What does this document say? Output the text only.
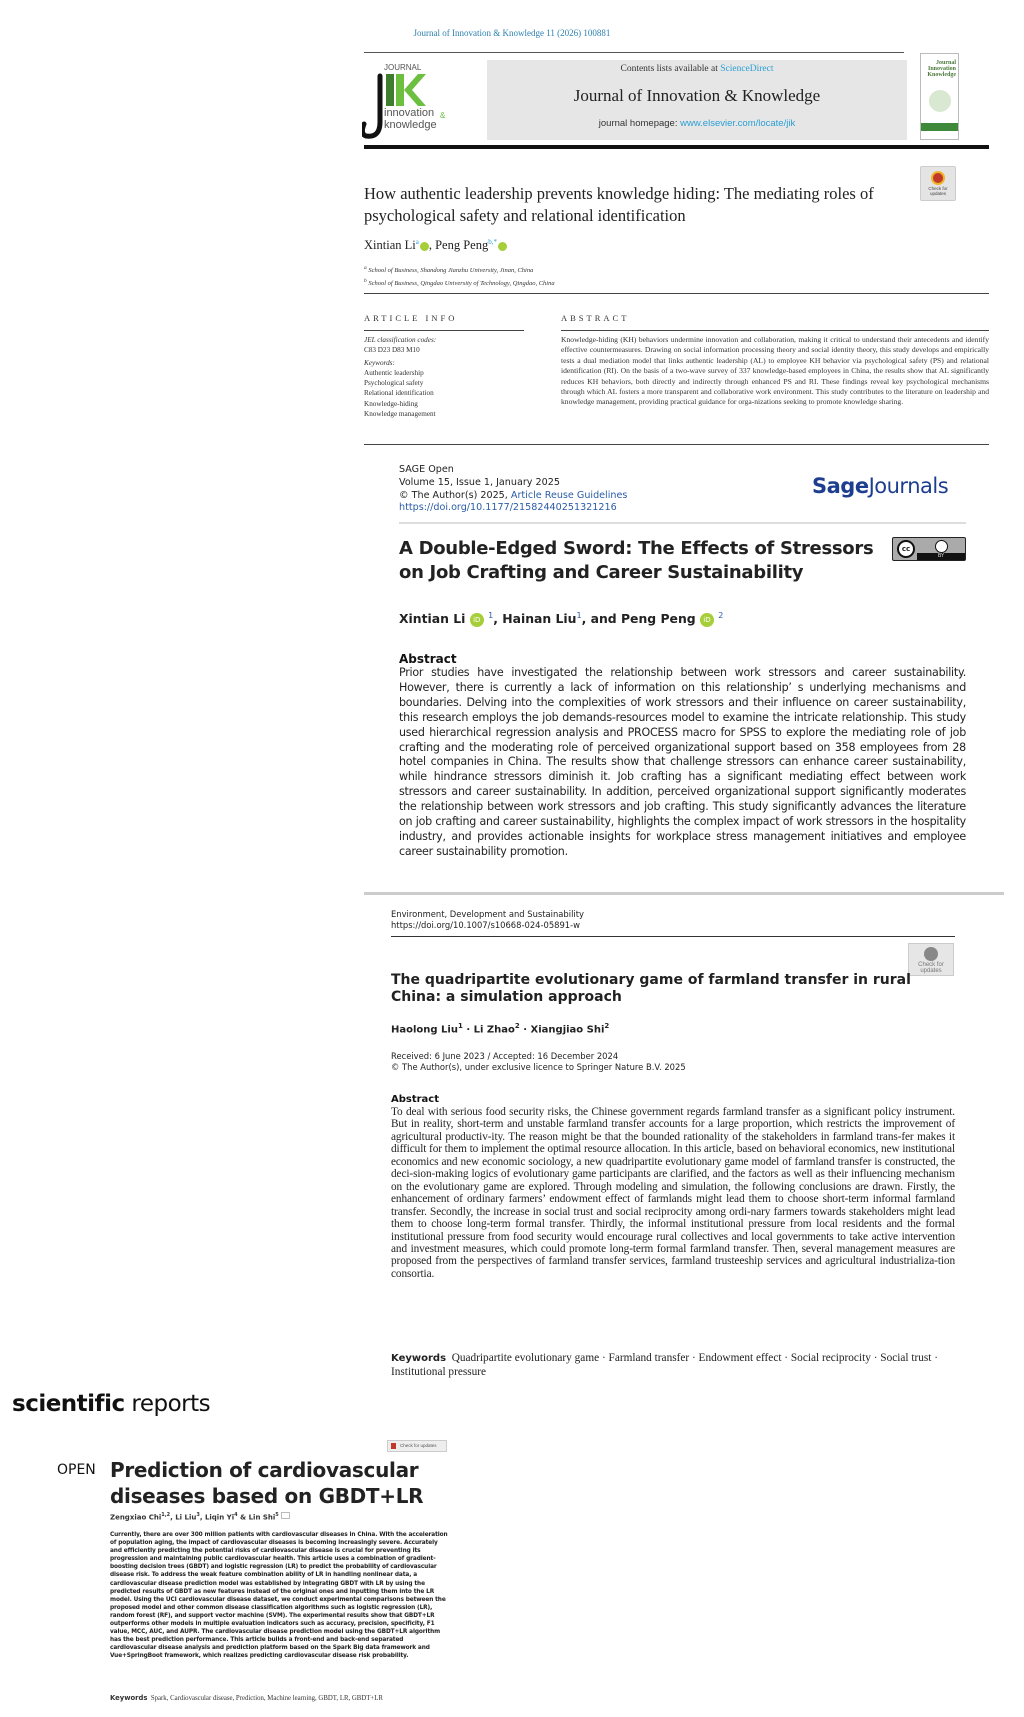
Journal of Innovation & Knowledge 11 (2026) 100881
JOURNAL
innovation &
knowledge
Contents lists available at ScienceDirect
Journal of Innovation & Knowledge
journal homepage: www.elsevier.com/locate/jik
Journal Innovation Knowledge
Check for updates
How authentic leadership prevents knowledge hiding: The mediating roles of psychological safety and relational identification
Xintian Li$^a$ , Peng Peng$^{b,*}$
$^a$ School of Business, Shandong Jianzhu University, Jinan, China
$^b$ School of Business, Qingdao University of Technology, Qingdao, China
ARTICLE INFO
JEL classification codes:
C83 D23 D83 M10
Keywords:
Authentic leadership
Psychological safety
Relational identification
Knowledge-hiding
Knowledge management
ABSTRACT
Knowledge-hiding (KH) behaviors undermine innovation and collaboration, making it critical to understand their antecedents and identify effective countermeasures. Drawing on social information processing theory and social identity theory, this study develops and empirically tests a dual mediation model that links authentic leadership (AL) to employee KH behavior via psychological safety (PS) and relational identification (RI). On the basis of a two-wave survey of 337 knowledge-based employees in China, the results show that AL significantly reduces KH behaviors, both directly and indirectly through enhanced PS and RI. These findings reveal key psychological mechanisms through which AL fosters a more transparent and collaborative work environment. This study contributes to the literature on leadership and knowledge management, providing practical guidance for orga-nizations seeking to promote knowledge sharing.
SAGE Open
Volume 15, Issue 1, January 2025
© The Author(s) 2025, Article Reuse Guidelines
https://doi.org/10.1177/21582440251321216
SageJournals
A Double-Edged Sword: The Effects of Stressors on Job Crafting and Career Sustainability
cc
BY
Xintian Li iD $^1$, Hainan Liu$^1$, and Peng Peng iD $^2$
Abstract
Prior studies have investigated the relationship between work stressors and career sustainability. However, there is currently a lack of information on this relationship’ s underlying mechanisms and boundaries. Delving into the complexities of work stressors and their influence on career sustainability, this research employs the job demands-resources model to examine the intricate relationship. This study used hierarchical regression analysis and PROCESS macro for SPSS to explore the mediating role of job crafting and the moderating role of perceived organizational support based on 358 employees from 28 hotel companies in China. The results show that challenge stressors can enhance career sustainability, while hindrance stressors diminish it. Job crafting has a significant mediating effect between work stressors and career sustainability. In addition, perceived organizational support significantly moderates the relationship between work stressors and job crafting. This study significantly advances the literature on job crafting and career sustainability, highlights the complex impact of work stressors in the hospitality industry, and provides actionable insights for workplace stress management initiatives and employee career sustainability promotion.
Environment, Development and Sustainability
https://doi.org/10.1007/s10668-024-05891-w
Check for
updates
The quadripartite evolutionary game of farmland transfer in rural China: a simulation approach
Haolong Liu$^1$ · Li Zhao$^2$ · Xiangjiao Shi$^2$
Received: 6 June 2023 / Accepted: 16 December 2024
© The Author(s), under exclusive licence to Springer Nature B.V. 2025
Abstract
To deal with serious food security risks, the Chinese government regards farmland transfer as a significant policy instrument. But in reality, short-term and unstable farmland transfer accounts for a large proportion, which restricts the improvement of agricultural productiv-ity. The reason might be that the bounded rationality of the stakeholders in farmland trans-fer makes it difficult for them to implement the optimal resource allocation. In this article, based on behavioral economics, new institutional economics and new economic sociology, a new quadripartite evolutionary game model of farmland transfer is constructed, the deci-sion-making logics of evolutionary game participants are clarified, and the factors as well as their influencing mechanism on the evolutionary game are explored. Through modeling and simulation, the following conclusions are drawn. Firstly, the enhancement of ordinary farmers’ endowment effect of farmlands might lead them to choose short-term informal farmland transfer. Secondly, the increase in social trust and social reciprocity among ordi-nary farmers towards stakeholders might lead them to choose long-term formal transfer. Thirdly, the informal institutional pressure from local residents and the formal institutional pressure from food security would encourage rural collectives and local governments to take active intervention and investment measures, which could promote long-term formal farmland transfer. Then, several management measures are proposed from the perspectives of farmland transfer services, farmland trusteeship services and agricultural industrializa-tion consortia.
Keywords Quadripartite evolutionary game · Farmland transfer · Endowment effect · Social reciprocity · Social trust · Institutional pressure
scientific reports
Check for updates
OPEN Prediction of cardiovascular diseases based on GBDT+LR
Zengxiao Chi$^{1,2}$, Li Liu$^3$, Liqin Yi$^4$ & Lin Shi$^5$
Currently, there are over 300 million patients with cardiovascular diseases in China. With the acceleration of population aging, the impact of cardiovascular diseases is becoming increasingly severe. Accurately and efficiently predicting the potential risks of cardiovascular disease is crucial for preventing its progression and maintaining public cardiovascular health. This article uses a combination of gradient-boosting decision trees (GBDT) and logistic regression (LR) to predict the probability of cardiovascular disease risk. To address the weak feature combination ability of LR in handling nonlinear data, a cardiovascular disease prediction model was established by integrating GBDT with LR by using the predicted results of GBDT as new features instead of the original ones and inputting them into the LR model. Using the UCI cardiovascular disease dataset, we conduct experimental comparisons between the proposed model and other common disease classification algorithms such as logistic regression (LR), random forest (RF), and support vector machine (SVM). The experimental results show that GBDT+LR outperforms other models in multiple evaluation indicators such as accuracy, precision, specificity, F1 value, MCC, AUC, and AUPR. The cardiovascular disease prediction model using the GBDT+LR algorithm has the best prediction performance. This article builds a front-end and back-end separated cardiovascular disease analysis and prediction platform based on the Spark Big data framework and Vue+SpringBoot framework, which realizes predicting cardiovascular disease risk probability.
Keywords Spark, Cardiovascular disease, Prediction, Machine learning, GBDT, LR, GBDT+LR
